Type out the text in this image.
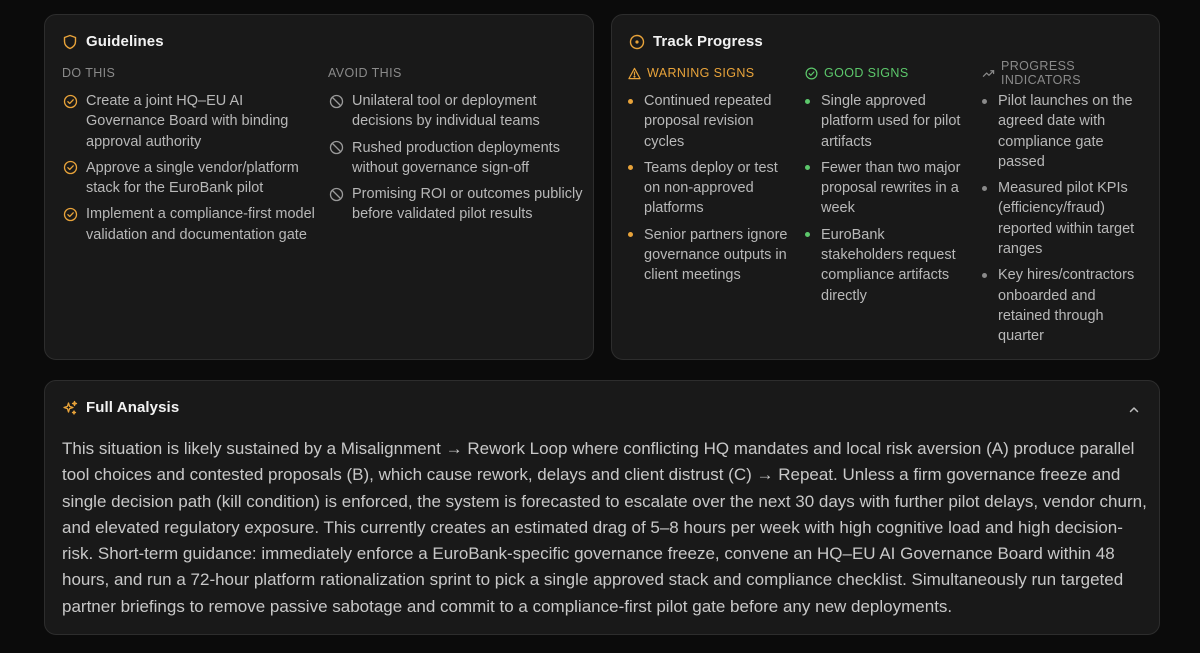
Guidelines
DO THIS
Create a joint HQ–EU AI Governance Board with binding approval authority
Approve a single vendor/platform stack for the EuroBank pilot
Implement a compliance-first model validation and documentation gate
AVOID THIS
Unilateral tool or deployment decisions by individual teams
Rushed production deployments without governance sign-off
Promising ROI or outcomes publicly before validated pilot results
Track Progress
WARNING SIGNS
Continued repeated proposal revision cycles
Teams deploy or test on non-approved platforms
Senior partners ignore governance outputs in client meetings
GOOD SIGNS
Single approved platform used for pilot artifacts
Fewer than two major proposal rewrites in a week
EuroBank stakeholders request compliance artifacts directly
PROGRESS INDICATORS
Pilot launches on the agreed date with compliance gate passed
Measured pilot KPIs (efficiency/fraud) reported within target ranges
Key hires/contractors onboarded and retained through quarter
Full Analysis

This situation is likely sustained by a Misalignment → Rework Loop where conflicting HQ mandates and local risk aversion (A) produce parallel tool choices and contested proposals (B), which cause rework, delays and client distrust (C) → Repeat. Unless a firm governance freeze and single decision path (kill condition) is enforced, the system is forecasted to escalate over the next 30 days with further pilot delays, vendor churn, and elevated regulatory exposure. This currently creates an estimated drag of 5–8 hours per week with high cognitive load and high decision-risk. Short-term guidance: immediately enforce a EuroBank-specific governance freeze, convene an HQ–EU AI Governance Board within 48 hours, and run a 72-hour platform rationalization sprint to pick a single approved stack and compliance checklist. Simultaneously run targeted partner briefings to remove passive sabotage and commit to a compliance-first pilot gate before any new deployments.
